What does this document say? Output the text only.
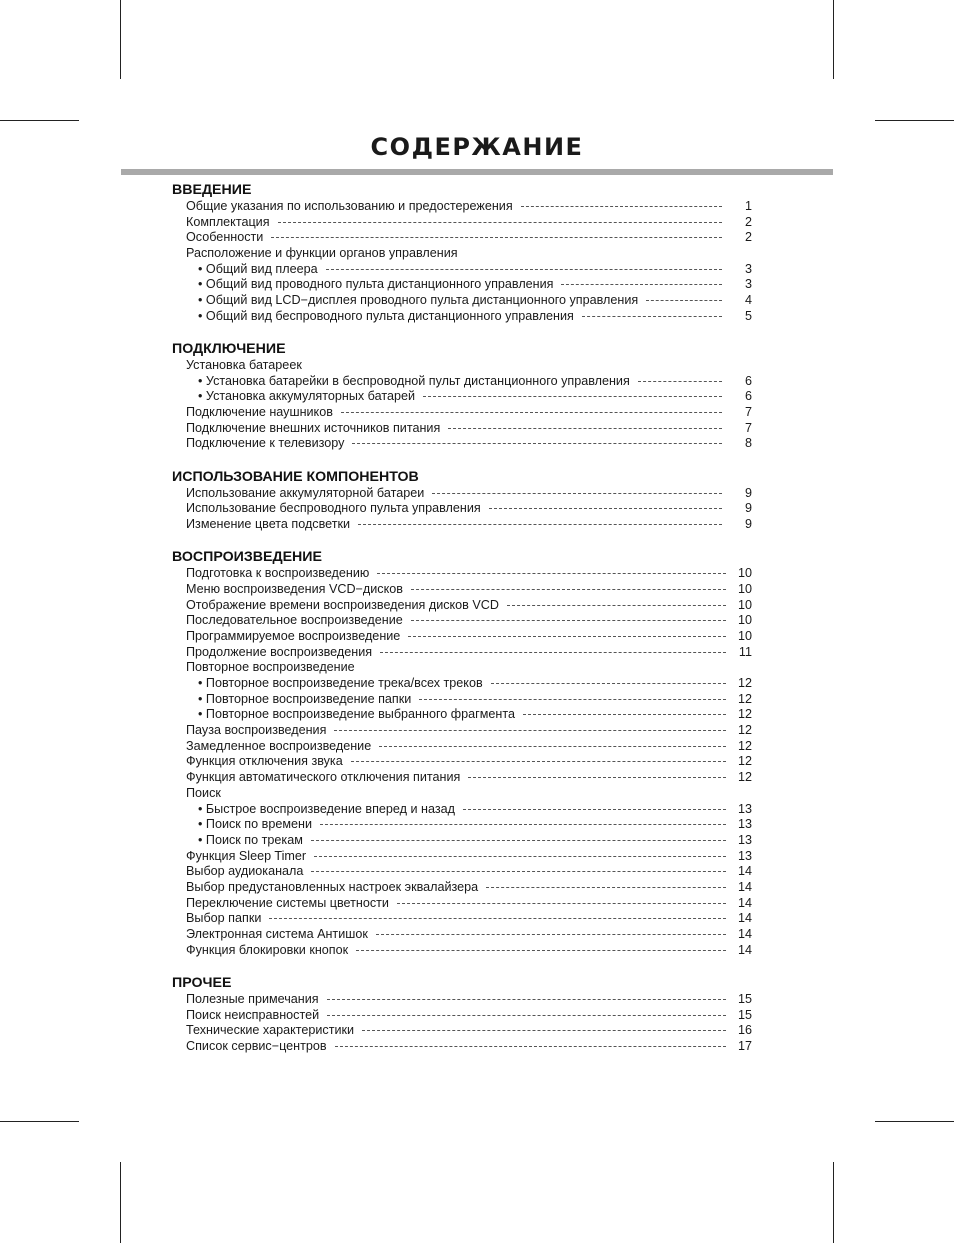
СОДЕРЖАНИЕ
ВВЕДЕНИЕ
Общие указания по использованию и предостережения	1
Комплектация	2
Особенности	2
Расположение и функции органов управления
• Общий вид плеера	3
• Общий вид проводного пульта дистанционного управления	3
• Общий вид LCD−дисплея проводного пульта дистанционного управления	4
• Общий вид беспроводного пульта дистанционного управления	5
ПОДКЛЮЧЕНИЕ
Установка батареек
• Установка батарейки в беспроводной пульт дистанционного управления	6
• Установка аккумуляторных батарей	6
Подключение наушников	7
Подключение внешних источников питания	7
Подключение к телевизору	8
ИСПОЛЬЗОВАНИЕ КОМПОНЕНТОВ
Использование аккумуляторной батареи	9
Использование беспроводного пульта управления	9
Изменение цвета подсветки	9
ВОСПРОИЗВЕДЕНИЕ
Подготовка к воспроизведению	10
Меню воспроизведения VCD−дисков	10
Отображение времени воспроизведения дисков VCD	10
Последовательное воспроизведение	10
Программируемое воспроизведение	10
Продолжение воспроизведения	11
Повторное воспроизведение
• Повторное воспроизведение трека/всех треков	12
• Повторное воспроизведение папки	12
• Повторное воспроизведение выбранного фрагмента	12
Пауза воспроизведения	12
Замедленное воспроизведение	12
Функция отключения звука	12
Функция автоматического отключения питания	12
Поиск
• Быстрое воспроизведение вперед и назад	13
• Поиск по времени	13
• Поиск по трекам	13
Функция Sleep Timer	13
Выбор аудиоканала	14
Выбор предустановленных настроек эквалайзера	14
Переключение системы цветности	14
Выбор папки	14
Электронная система Антишок	14
Функция блокировки кнопок	14
ПРОЧЕЕ
Полезные примечания	15
Поиск неисправностей	15
Технические характеристики	16
Список сервис−центров	17
